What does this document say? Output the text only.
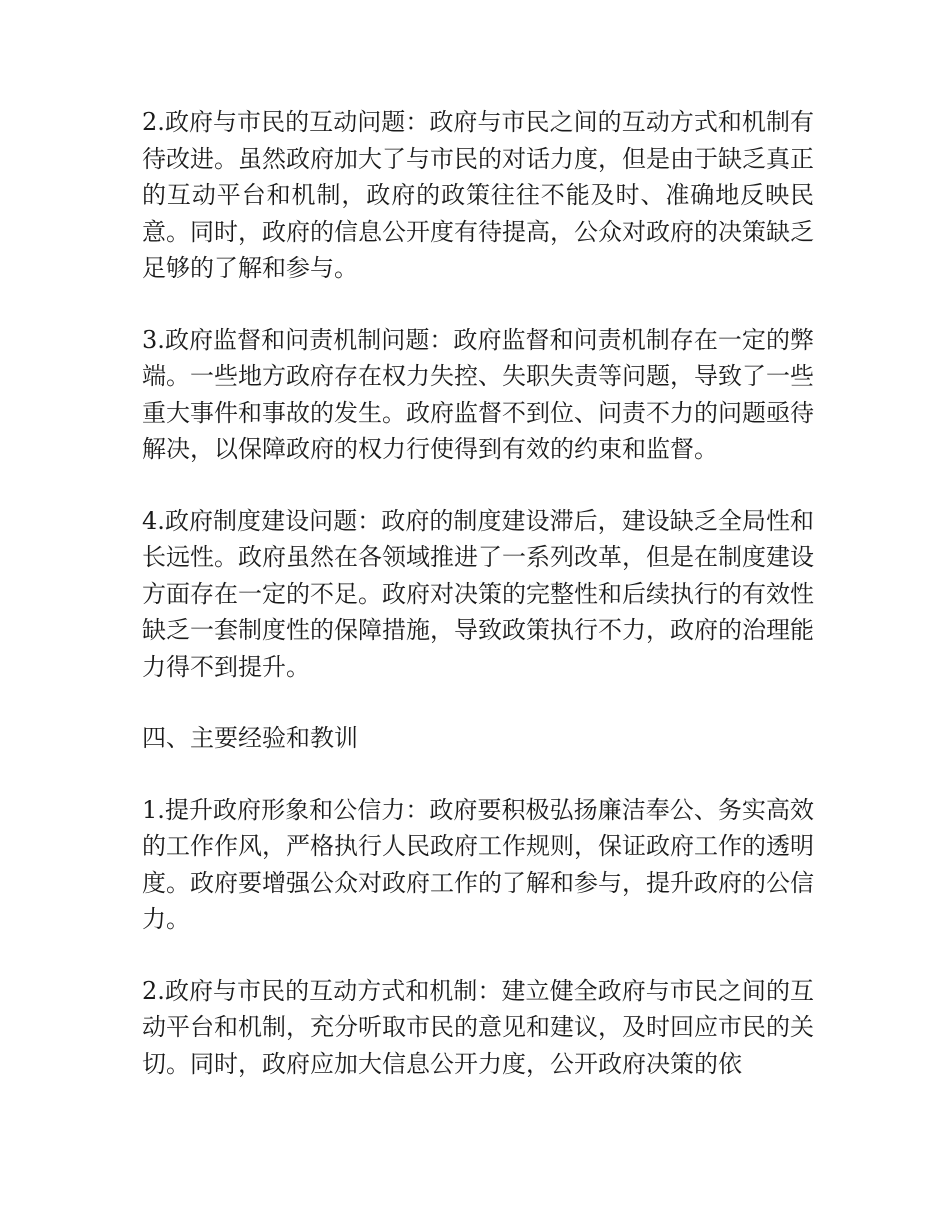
2.政府与市民的互动问题：政府与市民之间的互动方式和机制有待改进。虽然政府加大了与市民的对话力度，但是由于缺乏真正的互动平台和机制，政府的政策往往不能及时、准确地反映民意。同时，政府的信息公开度有待提高，公众对政府的决策缺乏足够的了解和参与。

3.政府监督和问责机制问题：政府监督和问责机制存在一定的弊端。一些地方政府存在权力失控、失职失责等问题，导致了一些重大事件和事故的发生。政府监督不到位、问责不力的问题亟待解决，以保障政府的权力行使得到有效的约束和监督。

4.政府制度建设问题：政府的制度建设滞后，建设缺乏全局性和长远性。政府虽然在各领域推进了一系列改革，但是在制度建设方面存在一定的不足。政府对决策的完整性和后续执行的有效性缺乏一套制度性的保障措施，导致政策执行不力，政府的治理能力得不到提升。

四、主要经验和教训

1.提升政府形象和公信力：政府要积极弘扬廉洁奉公、务实高效的工作作风，严格执行人民政府工作规则，保证政府工作的透明度。政府要增强公众对政府工作的了解和参与，提升政府的公信力。

2.政府与市民的互动方式和机制：建立健全政府与市民之间的互动平台和机制，充分听取市民的意见和建议，及时回应市民的关切。同时，政府应加大信息公开力度，公开政府决策的依
